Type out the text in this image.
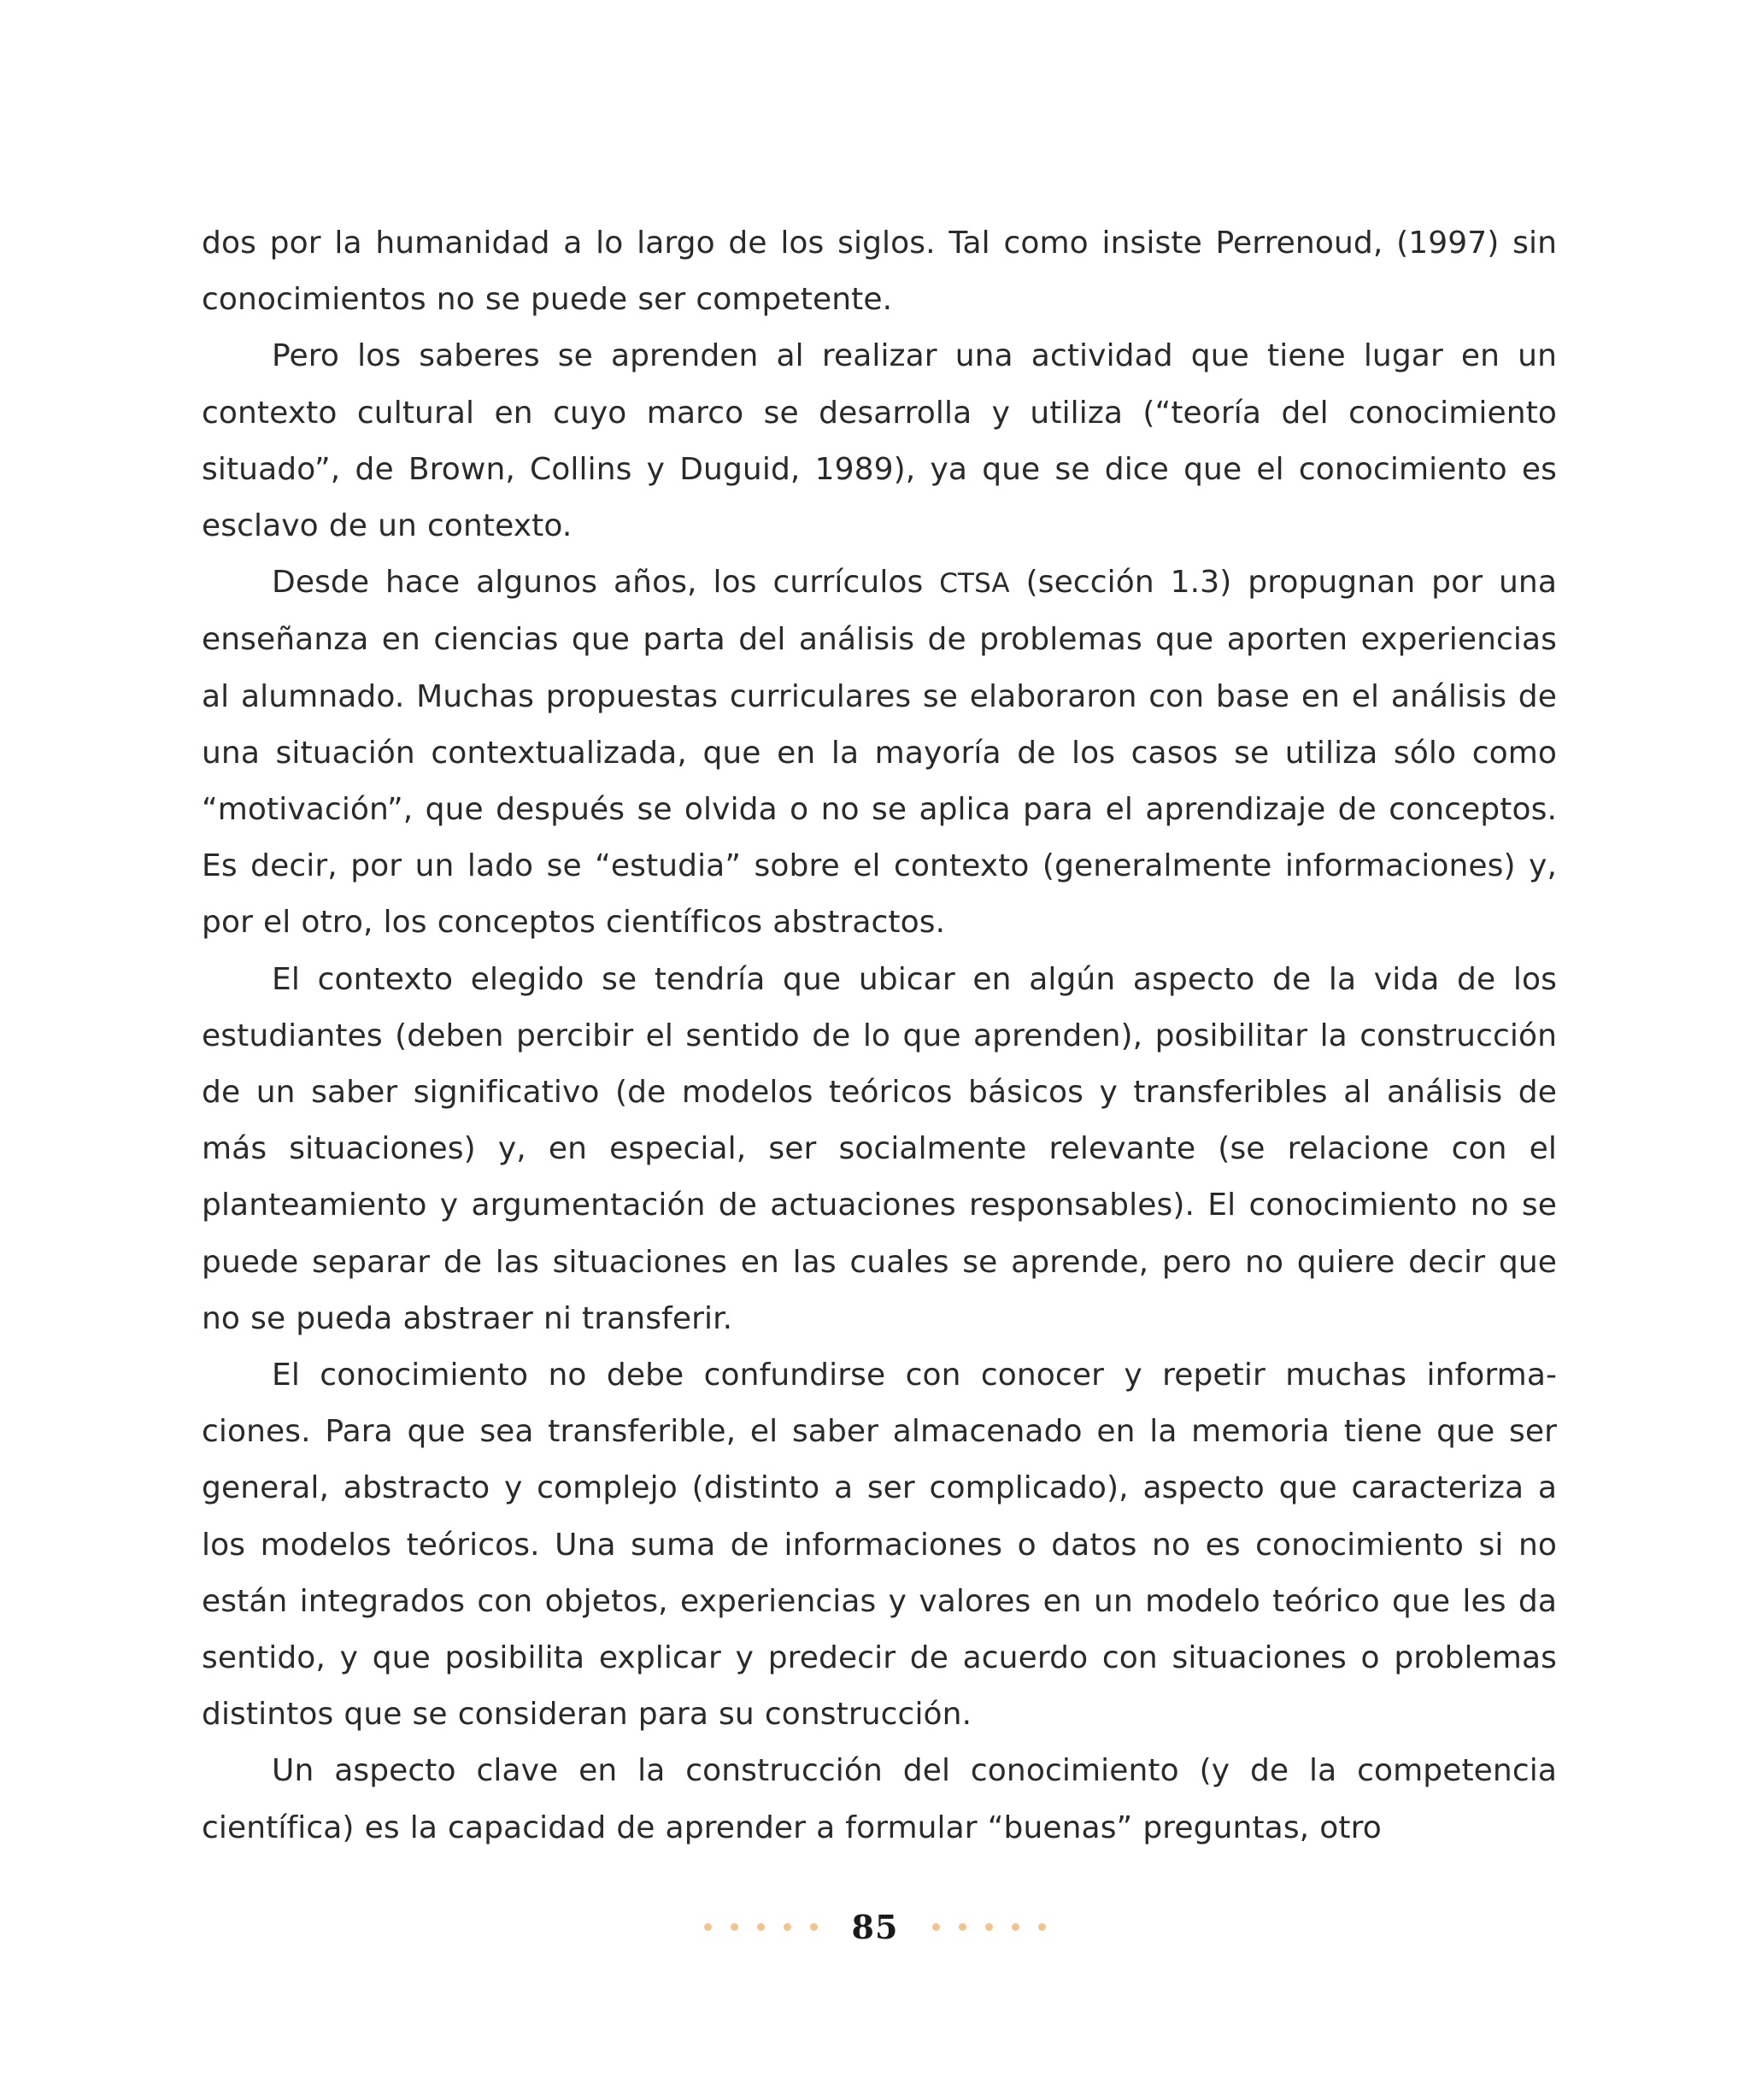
dos por la humanidad a lo largo de los siglos. Tal como insiste Perrenoud, (1997) sin conocimientos no se puede ser competente.

Pero los saberes se aprenden al realizar una actividad que tiene lugar en un contexto cultural en cuyo marco se desarrolla y utiliza (“teoría del conocimiento situado”, de Brown, Collins y Duguid, 1989), ya que se dice que el conocimiento es esclavo de un contexto.

Desde hace algunos años, los currículos CTSA (sección 1.3) propugnan por una enseñanza en ciencias que parta del análisis de problemas que aporten experiencias al alumnado. Muchas propuestas curriculares se elaboraron con base en el análisis de una situación contextualizada, que en la mayoría de los casos se utiliza sólo como “motivación”, que después se olvida o no se aplica para el aprendizaje de conceptos. Es decir, por un lado se “estudia” sobre el contexto (generalmente informaciones) y, por el otro, los conceptos científicos abstractos.

El contexto elegido se tendría que ubicar en algún aspecto de la vida de los estudiantes (deben percibir el sentido de lo que aprenden), posibilitar la construcción de un saber significativo (de modelos teóricos básicos y transferibles al análisis de más situaciones) y, en especial, ser socialmente relevante (se relacione con el planteamiento y argumentación de actuaciones responsables). El conocimiento no se puede separar de las situaciones en las cuales se aprende, pero no quiere decir que no se pueda abstraer ni transferir.

El conocimiento no debe confundirse con conocer y repetir muchas informaciones. Para que sea transferible, el saber almacenado en la memoria tiene que ser general, abstracto y complejo (distinto a ser complicado), aspecto que caracteriza a los modelos teóricos. Una suma de informaciones o datos no es conocimiento si no están integrados con objetos, experiencias y valores en un modelo teórico que les da sentido, y que posibilita explicar y predecir de acuerdo con situaciones o problemas distintos que se consideran para su construcción.

Un aspecto clave en la construcción del conocimiento (y de la competencia científica) es la capacidad de aprender a formular “buenas” preguntas, otro

85
